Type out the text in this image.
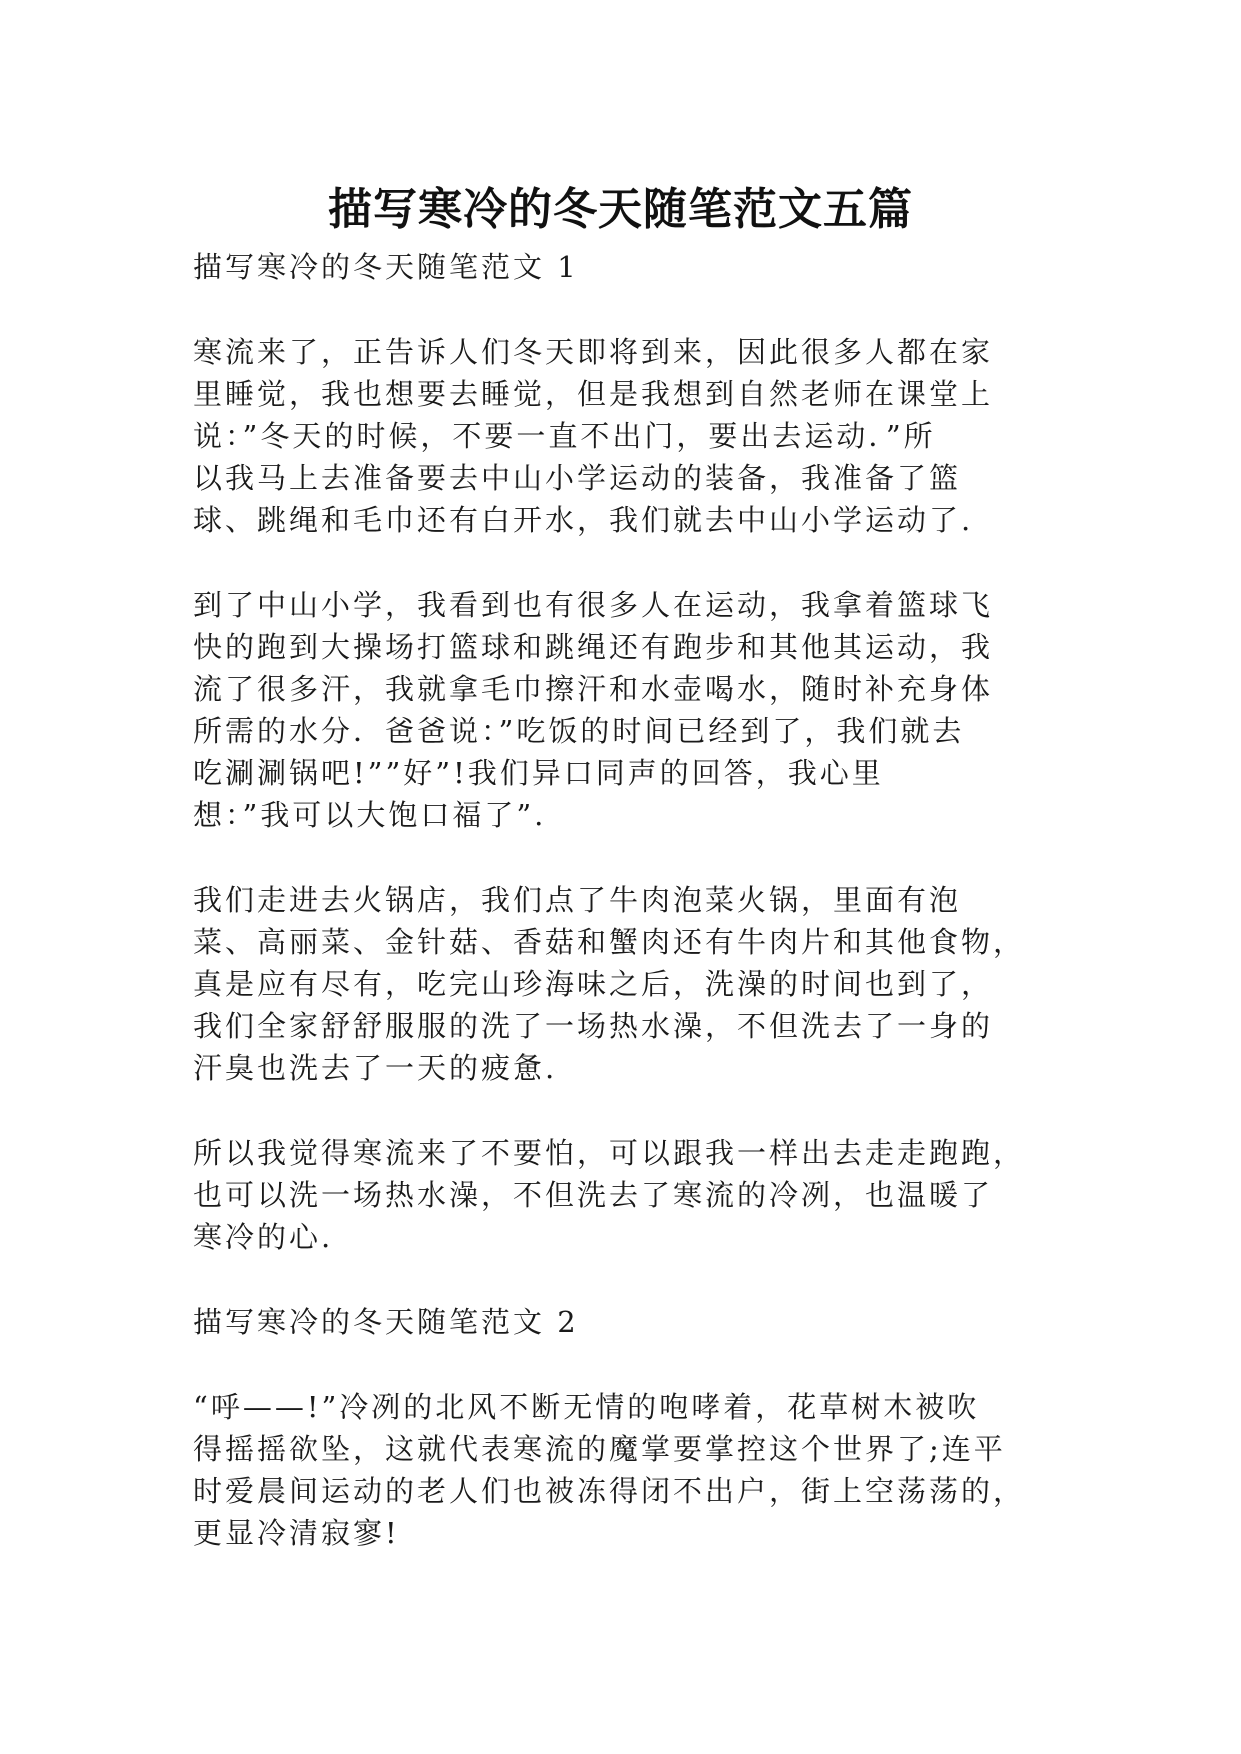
描写寒冷的冬天随笔范文五篇
描写寒冷的冬天随笔范文 1
寒流来了，正告诉人们冬天即将到来，因此很多人都在家
里睡觉，我也想要去睡觉，但是我想到自然老师在课堂上
说：”冬天的时候，不要一直不出门，要出去运动．”所
以我马上去准备要去中山小学运动的装备，我准备了篮
球、跳绳和毛巾还有白开水，我们就去中山小学运动了.
到了中山小学，我看到也有很多人在运动，我拿着篮球飞
快的跑到大操场打篮球和跳绳还有跑步和其他其运动，我
流了很多汗，我就拿毛巾擦汗和水壶喝水，随时补充身体
所需的水分．爸爸说：”吃饭的时间已经到了，我们就去
吃涮涮锅吧!””好”!我们异口同声的回答，我心里
想：”我可以大饱口福了”.
我们走进去火锅店，我们点了牛肉泡菜火锅，里面有泡
菜、高丽菜、金针菇、香菇和蟹肉还有牛肉片和其他食物，
真是应有尽有，吃完山珍海味之后，洗澡的时间也到了，
我们全家舒舒服服的洗了一场热水澡，不但洗去了一身的
汗臭也洗去了一天的疲惫.
所以我觉得寒流来了不要怕，可以跟我一样出去走走跑跑，
也可以洗一场热水澡，不但洗去了寒流的冷冽，也温暖了
寒冷的心.
描写寒冷的冬天随笔范文 2
“呼——!”冷冽的北风不断无情的咆哮着，花草树木被吹
得摇摇欲坠，这就代表寒流的魔掌要掌控这个世界了;连平
时爱晨间运动的老人们也被冻得闭不出户，街上空荡荡的，
更显冷清寂寥!
